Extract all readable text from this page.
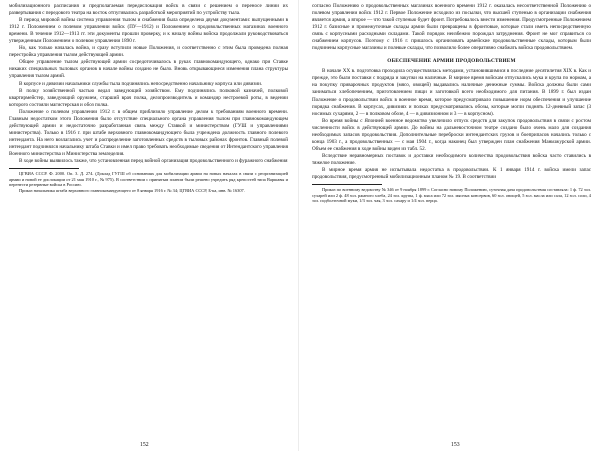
мобилизационного расписания и предполагаемая передислокация войск в связи с решением о переносе линии их развертывания с передового театра на восток отпугивались разработкой мероприятий по устройству тыла.

В период мировой войны система управления тылом и снабжения была определена двумя документами: выпущенными в 1912 г. Положением о полевом управлении войск (ПУ—1912) и Положением о продовольственных магазинах военного времени. В течение 1912—1913 гг. эти документы прошли проверку, и к началу войны войска продолжали руководствоваться утвержденным Положением о полевом управлении 1890 г.

Но, как только началась война, и сразу вступили новые Положения, и соответственно с этим была проведена полная перестройка управления тылом действующей армии.

Общее управление тылом действующей армии сосредоточивалось в руках главнокомандующего, однако при Ставке никаких специальных тыловых органов в начале войны создано не было. Вновь открывающиеся изменения плана структуры управления тылом армий.

В корпусе и дивизии начальники службы тыла подчинялись непосредственно начальнику корпуса или дивизии.

В полку хозяйственной частью ведал заведующий хозяйством. Ему подчинялись полковой казначей, полковой квартирмейстер, заведующий оружием, старший врач полка, делопроизводитель и командир нестроевой роты, в ведении которого состояли магистерская и обоз полка.

Положение о полевом управлении 1912 г. в общем приблизило управление делом к требованиям военного времени. Главным недостатком этого Положения было отсутствие специального органа управления тылом при главнокомандующем действующей армии и недостаточно разработанная связь между Ставкой и министерством (ГУШ и управлениями министерства). Только в 1916 г. при штабе верховного главнокомандующего была учреждена должность главного полевого интенданта. На него возлагались учет и распределение заготовленных средств в тыловых районах фронтов. Главный полевой интендант подчинялся начальнику штаба Ставки и имел право требовать необходимые сведения от Интендантского управления Военного министерства и Министерства земледелия.

В ходе войны выявилось также, что установленная перед войной организация продовольственного и фуражного снабжения

ЦГВИА СССР. Ф. 2000. Оп. 3. Д. 274. (Доклад ГУГШ об основаниях для мобилизации армии на новых началах в связи с реорганизацией армии и новой ее дислокации от 21 мая 1910 г., № 975). В соответствии с принятым планом были решено учредить ряд крепостей типа Варшавы и перенести резервные войска в Россию.

Приказ начальника штаба верховного главнокомандующего от 8 января 1916 г. № 34; ЦГВИА СССР, Б-ка, инв. № 16307.

152

согласно Положению о продовольственных магазинах военного времени 1912 г. оказалась несоответственной Положению о полевом управлении войск 1912 г. Первое Положение исходило из посылки, что высшей ступенью в организации снабжения является армия, а второе — что такой ступенью будет фронт. Потребовалось внести изменения. Предусмотренные Положением 1912 г. базисные и промежуточные склады армии были превращены в фронтовые, которые стали иметь непосредственную связь с корпусными расходными складами. Такой порядок неизбежно порождал затруднения. Фронт не мог справиться со снабжением корпусов. Поэтому с 1916 г. пришлось организовать армейские продовольственные склады, которым были подчинены корпусные магазины и полевые склады, что позволило более оперативно снабжать войска продовольствием.

ОБЕСПЕЧЕНИЕ АРМИИ ПРОДОВОЛЬСТВИЕМ

В начале XX в. подготовка проходила осуществлялась методами, установившимися в последние десятилетия XIX в. Как и прежде, это были поставки с подряда и закупки на наличные. В мирное время войскам отпускались мука и крупа по нормам, а на покупку приварочных продуктов (мясо, овощей) выдавались наличные денежные суммы. Войска должны были сами заниматься хлебопечением, приготовлением пищи и заготовкой всего необходимого для питания. В 1899 г. был издан Положение о продовольствии войск в военное время, которое предусматривало повышение норм обеспечения и улучшение порядка снабжения. В корпусах, дивизиях и полках предусматривались обозы, которые могли поднять 12-дневный запас (3 носимых сухарями, 2 — в полковом обозе, 4 — в дивизионном и 3 — в корпусном).

Во время войны с Японией военное ведомство увеличило отпуск средств для закупок продовольствия в связи с ростом численности войск в действующей армии. До войны на дальневосточном театре создано было очень мало для создания необходимых запасов продовольствия. Дополнительные переброски интендантских грузов и боеприпасов начались только с конца 1903 г., а продовольственных — с мая 1904 г., когда наконец был утвержден план снабжения Маньчжурской армии. Объем ее снабжения в ходе войны виден из табл. 52.

Вследствие неравномерных поставок и доставки необходимого количества продовольствия войска часто ставились в тяжелое положение.

В мирное время армия не испытывала недостатка в продовольствии. К 1 января 1914 г. войска имели запас продовольствия, предусмотренный мобилизационным планом № 19. В соответствии

Приказ по военному ведомству № 346 от 9 ноября 1899 г. Согласно новому Положению, суточная дача продовольствия составляла: 1 ф. 72 зол. сухарей или 2 ф. 48 зол. ржаного хлеба, 24 зол. крупы, 1 ф. мяса или 72 зол. мясных консервов, 60 зол. овощей, 5 зол. масла или сала, 12 зол. соли, 4 зол. подболточной муки, 1/3 зол. чая, 3 зол. сахару и 1/4 зол. перца.

153
